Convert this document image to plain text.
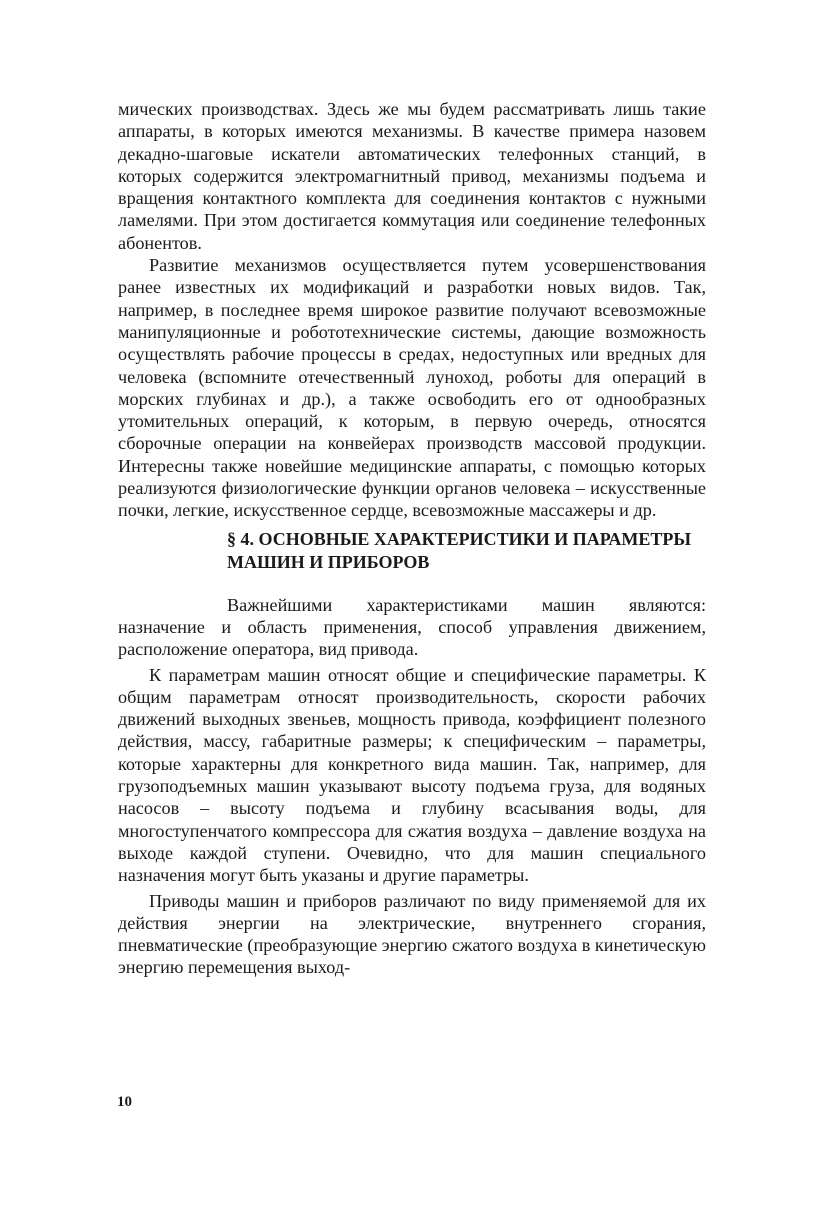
мических производствах. Здесь же мы будем рассматривать лишь такие аппараты, в которых имеются механизмы. В качестве примера назовем декадно-шаговые искатели автоматических телефонных станций, в которых содержится электромагнитный привод, механизмы подъема и вращения контактного комплекта для соединения контактов с нужными ламелями. При этом достигается коммутация или соединение телефонных абонентов.

Развитие механизмов осуществляется путем усовершенствования ранее известных их модификаций и разработки новых видов. Так, например, в последнее время широкое развитие получают всевозможные манипуляционные и робототехнические системы, дающие возможность осуществлять рабочие процессы в средах, недоступных или вредных для человека (вспомните отечественный луноход, роботы для операций в морских глубинах и др.), а также освободить его от однообразных утомительных операций, к которым, в первую очередь, относятся сборочные операции на конвейерах производств массовой продукции. Интересны также новейшие медицинские аппараты, с помощью которых реализуются физиологические функции органов человека – искусственные почки, легкие, искусственное сердце, всевозможные массажеры и др.

§ 4. ОСНОВНЫЕ ХАРАКТЕРИСТИКИ И ПАРАМЕТРЫ
МАШИН И ПРИБОРОВ

Важнейшими характеристиками машин являются: назначение и область применения, способ управления движением, расположение оператора, вид привода.

К параметрам машин относят общие и специфические параметры. К общим параметрам относят производительность, скорости рабочих движений выходных звеньев, мощность привода, коэффициент полезного действия, массу, габаритные размеры; к специфическим – параметры, которые характерны для конкретного вида машин. Так, например, для грузоподъемных машин указывают высоту подъема груза, для водяных насосов – высоту подъема и глубину всасывания воды, для многоступенчатого компрессора для сжатия воздуха – давление воздуха на выходе каждой ступени. Очевидно, что для машин специального назначения могут быть указаны и другие параметры.

Приводы машин и приборов различают по виду применяемой для их действия энергии на электрические, внутреннего сгорания, пневматические (преобразующие энергию сжатого воздуха в кинетическую энергию перемещения выход-

10
